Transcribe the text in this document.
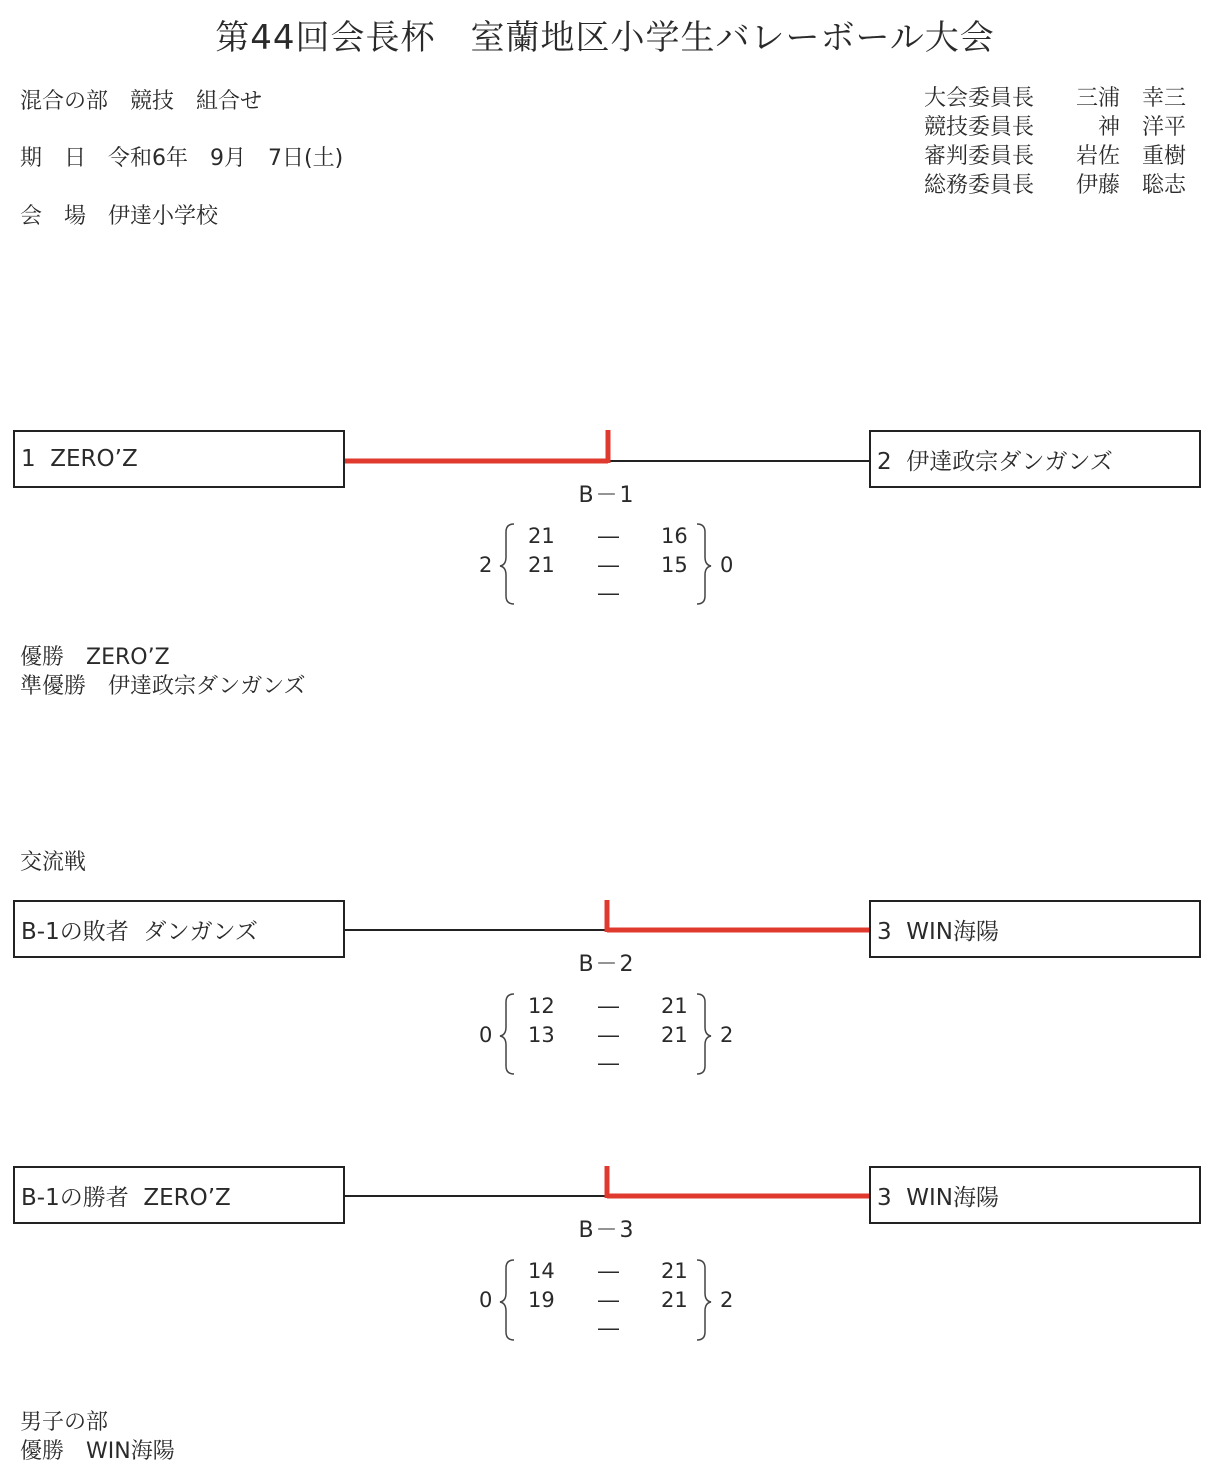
第44回会長杯　室蘭地区小学生バレーボール大会
混合の部　競技　組合せ
期　日　令和6年　9月　7日(土)
会　場　伊達小学校
大会委員長	三浦　幸三
競技委員長	神　洋平
審判委員長	岩佐　重樹
総務委員長	伊藤　聡志
1  ZERO’Z	2  伊達政宗ダンガンズ
B－1
2	0
21 ― 16
21 ― 15
―
優勝　ZERO’Z
準優勝　伊達政宗ダンガンズ
交流戦
B-1の敗者  ダンガンズ	3  WIN海陽
B－2
0	2
12 ― 21
13 ― 21
―
B-1の勝者  ZERO’Z	3  WIN海陽
B－3
0	2
14 ― 21
19 ― 21
―
男子の部
優勝　WIN海陽
